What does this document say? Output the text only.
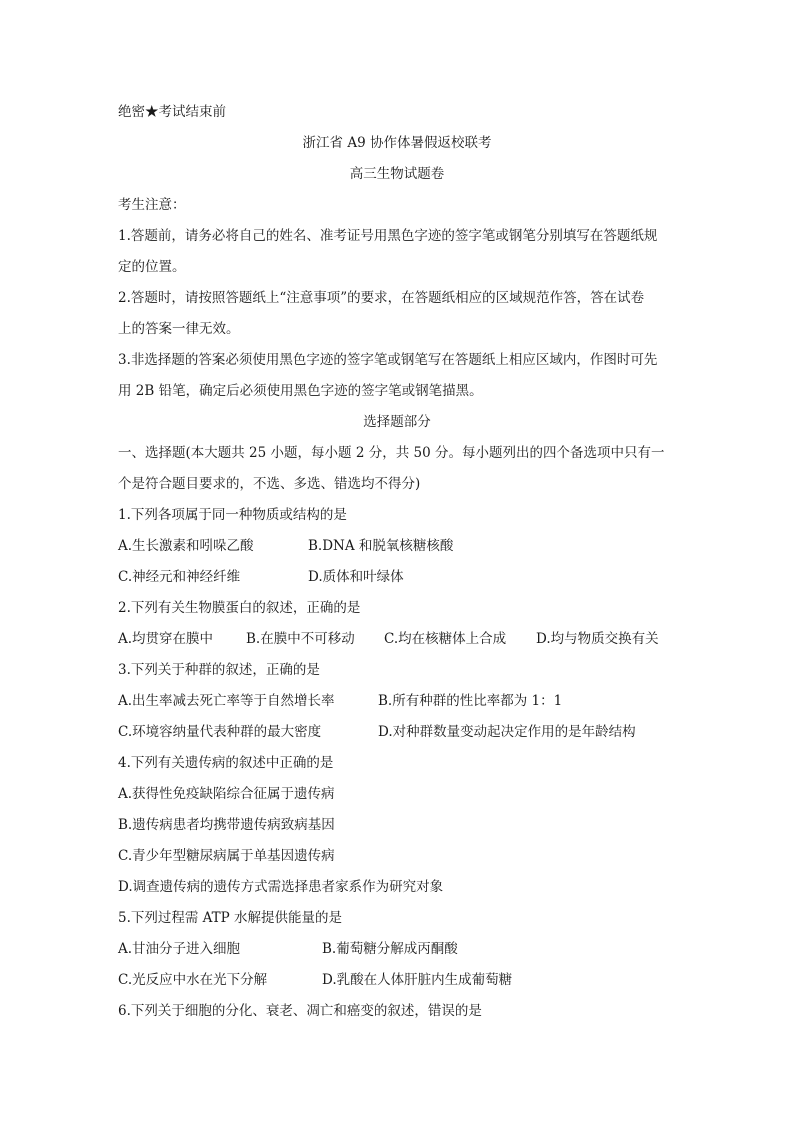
绝密★考试结束前
浙江省 A9 协作体暑假返校联考
高三生物试题卷
考生注意：
1.答题前，请务必将自己的姓名、准考证号用黑色字迹的签字笔或钢笔分别填写在答题纸规
定的位置。
2.答题时，请按照答题纸上“注意事项”的要求，在答题纸相应的区域规范作答，答在试卷
上的答案一律无效。
3.非选择题的答案必须使用黑色字迹的签字笔或钢笔写在答题纸上相应区域内，作图时可先
用 2B 铅笔，确定后必须使用黑色字迹的签字笔或钢笔描黑。
选择题部分
一、选择题(本大题共 25 小题，每小题 2 分，共 50 分。每小题列出的四个备选项中只有一
个是符合题目要求的，不选、多选、错选均不得分)
1.下列各项属于同一种物质或结构的是
A.生长激素和吲哚乙酸	B.DNA 和脱氧核糖核酸
C.神经元和神经纤维	D.质体和叶绿体
2.下列有关生物膜蛋白的叙述，正确的是
A.均贯穿在膜中 B.在膜中不可移动 C.均在核糖体上合成 D.均与物质交换有关
3.下列关于种群的叙述，正确的是
A.出生率减去死亡率等于自然增长率	B.所有种群的性比率都为 1：1
C.环境容纳量代表种群的最大密度	D.对种群数量变动起决定作用的是年龄结构
4.下列有关遗传病的叙述中正确的是
A.获得性免疫缺陷综合征属于遗传病
B.遗传病患者均携带遗传病致病基因
C.青少年型糖尿病属于单基因遗传病
D.调查遗传病的遗传方式需选择患者家系作为研究对象
5.下列过程需 ATP 水解提供能量的是
A.甘油分子进入细胞	B.葡萄糖分解成丙酮酸
C.光反应中水在光下分解	D.乳酸在人体肝脏内生成葡萄糖
6.下列关于细胞的分化、衰老、凋亡和癌变的叙述，错误的是
